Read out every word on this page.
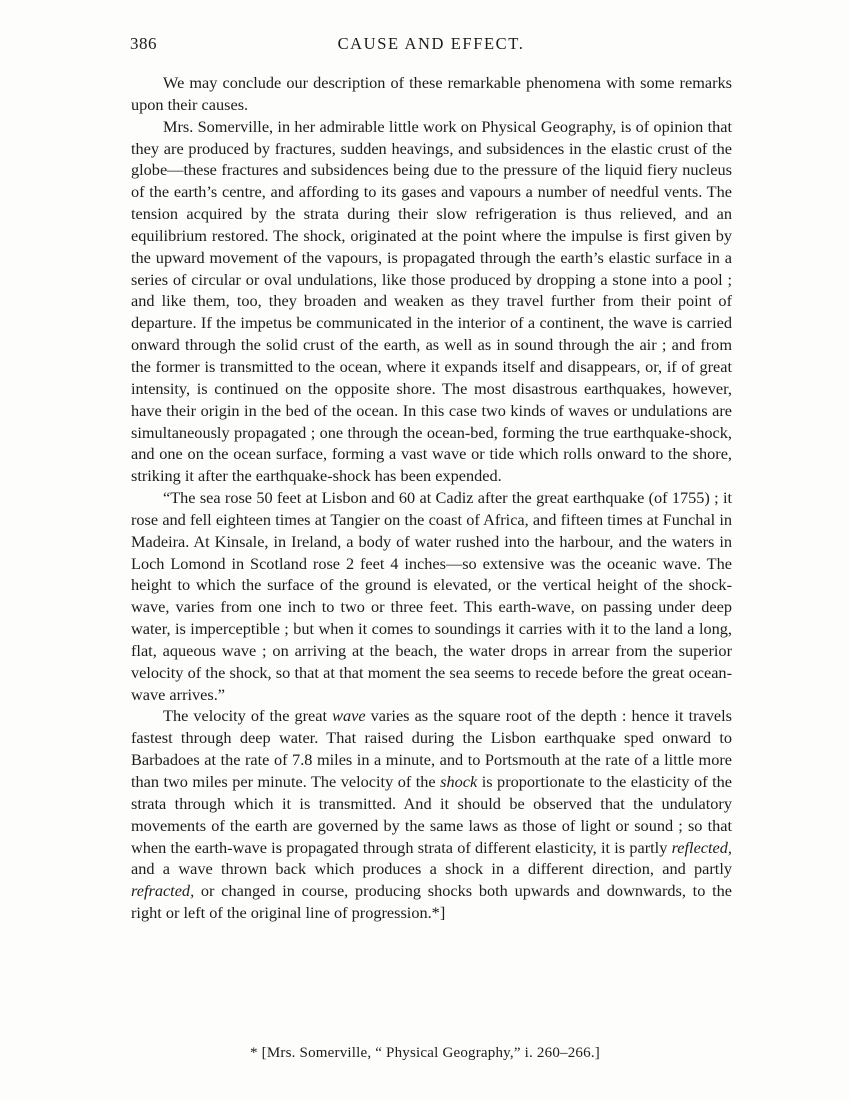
386	CAUSE AND EFFECT.

We may conclude our description of these remarkable phenomena with some remarks upon their causes.

Mrs. Somerville, in her admirable little work on Physical Geography, is of opinion that they are produced by fractures, sudden heavings, and subsidences in the elastic crust of the globe—these fractures and subsidences being due to the pressure of the liquid fiery nucleus of the earth’s centre, and affording to its gases and vapours a number of needful vents. The tension acquired by the strata during their slow refrigeration is thus relieved, and an equilibrium restored. The shock, originated at the point where the impulse is first given by the upward movement of the vapours, is propagated through the earth’s elastic surface in a series of circular or oval undulations, like those produced by dropping a stone into a pool ; and like them, too, they broaden and weaken as they travel further from their point of departure. If the impetus be communicated in the interior of a continent, the wave is carried onward through the solid crust of the earth, as well as in sound through the air ; and from the former is transmitted to the ocean, where it expands itself and disappears, or, if of great intensity, is continued on the opposite shore. The most disastrous earthquakes, however, have their origin in the bed of the ocean. In this case two kinds of waves or undulations are simultaneously propagated ; one through the ocean-bed, forming the true earthquake-shock, and one on the ocean surface, forming a vast wave or tide which rolls onward to the shore, striking it after the earthquake-shock has been expended.

“The sea rose 50 feet at Lisbon and 60 at Cadiz after the great earthquake (of 1755) ; it rose and fell eighteen times at Tangier on the coast of Africa, and fifteen times at Funchal in Madeira. At Kinsale, in Ireland, a body of water rushed into the harbour, and the waters in Loch Lomond in Scotland rose 2 feet 4 inches—so extensive was the oceanic wave. The height to which the surface of the ground is elevated, or the vertical height of the shock-wave, varies from one inch to two or three feet. This earth-wave, on passing under deep water, is imperceptible ; but when it comes to soundings it carries with it to the land a long, flat, aqueous wave ; on arriving at the beach, the water drops in arrear from the superior velocity of the shock, so that at that moment the sea seems to recede before the great ocean-wave arrives.”

The velocity of the great wave varies as the square root of the depth : hence it travels fastest through deep water. That raised during the Lisbon earthquake sped onward to Barbadoes at the rate of 7.8 miles in a minute, and to Portsmouth at the rate of a little more than two miles per minute. The velocity of the shock is proportionate to the elasticity of the strata through which it is transmitted. And it should be observed that the undulatory movements of the earth are governed by the same laws as those of light or sound ; so that when the earth-wave is propagated through strata of different elasticity, it is partly reflected, and a wave thrown back which produces a shock in a different direction, and partly refracted, or changed in course, producing shocks both upwards and downwards, to the right or left of the original line of progression.*]

* [Mrs. Somerville, “ Physical Geography,” i. 260–266.]
